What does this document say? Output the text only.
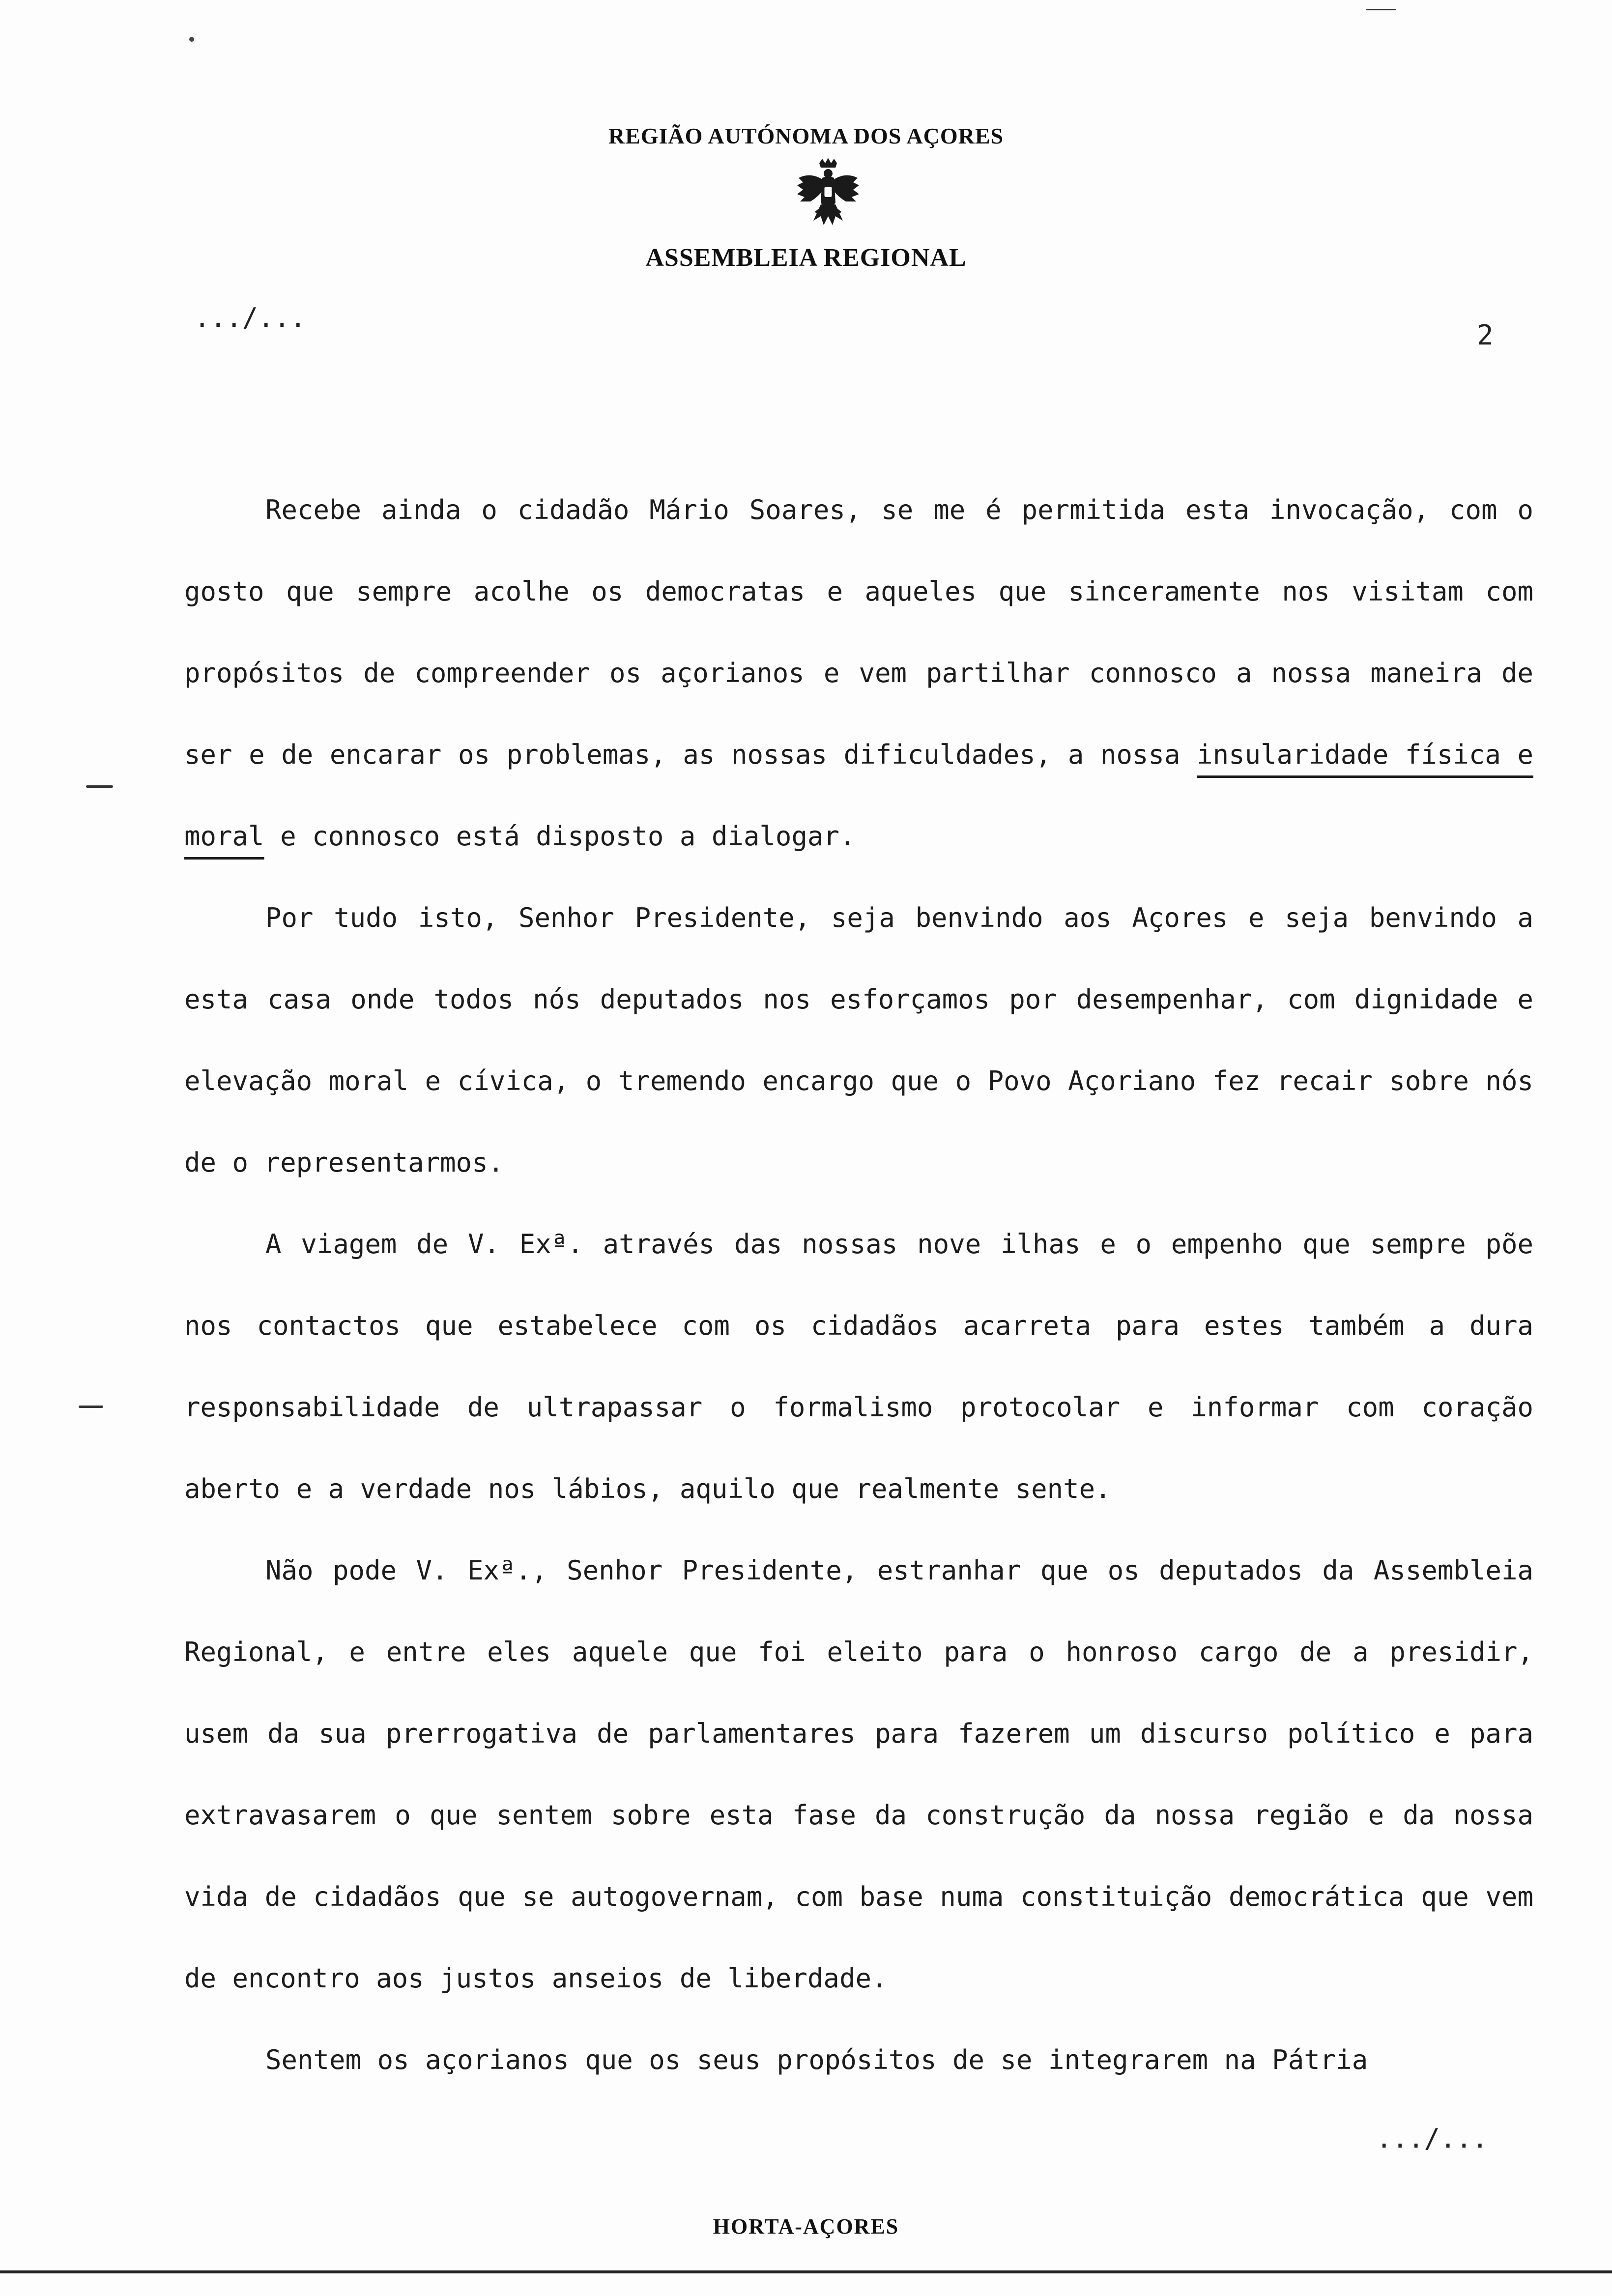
REGIÃO AUTÓNOMA DOS AÇORES
ASSEMBLEIA REGIONAL
.../...
2

Recebe ainda o cidadão Mário Soares, se me é permitida esta invocação, com o gosto que sempre acolhe os democratas e aqueles que sinceramente nos visitam com propósitos de compreender os açorianos e vem partilhar connosco a nossa maneira de ser e de encarar os problemas, as nossas dificuldades, a nossa insularidade física e moral e connosco está disposto a dialogar.

Por tudo isto, Senhor Presidente, seja benvindo aos Açores e seja benvindo a esta casa onde todos nós deputados nos esforçamos por desempenhar, com dignidade e elevação moral e cívica, o tremendo encargo que o Povo Açoriano fez recair sobre nós de o representarmos.

A viagem de V. Exª. através das nossas nove ilhas e o empenho que sempre põe nos contactos que estabelece com os cidadãos acarreta para estes também a dura responsabilidade de ultrapassar o formalismo protocolar e informar com coração aberto e a verdade nos lábios, aquilo que realmente sente.

Não pode V. Exª., Senhor Presidente, estranhar que os deputados da Assembleia Regional, e entre eles aquele que foi eleito para o honroso cargo de a presidir, usem da sua prerrogativa de parlamentares para fazerem um discurso político e para extravasarem o que sentem sobre esta fase da construção da nossa região e da nossa vida de cidadãos que se autogovernam, com base numa constituição democrática que vem de encontro aos justos anseios de liberdade.

Sentem os açorianos que os seus propósitos de se integrarem na Pátria

.../...
HORTA-AÇORES
